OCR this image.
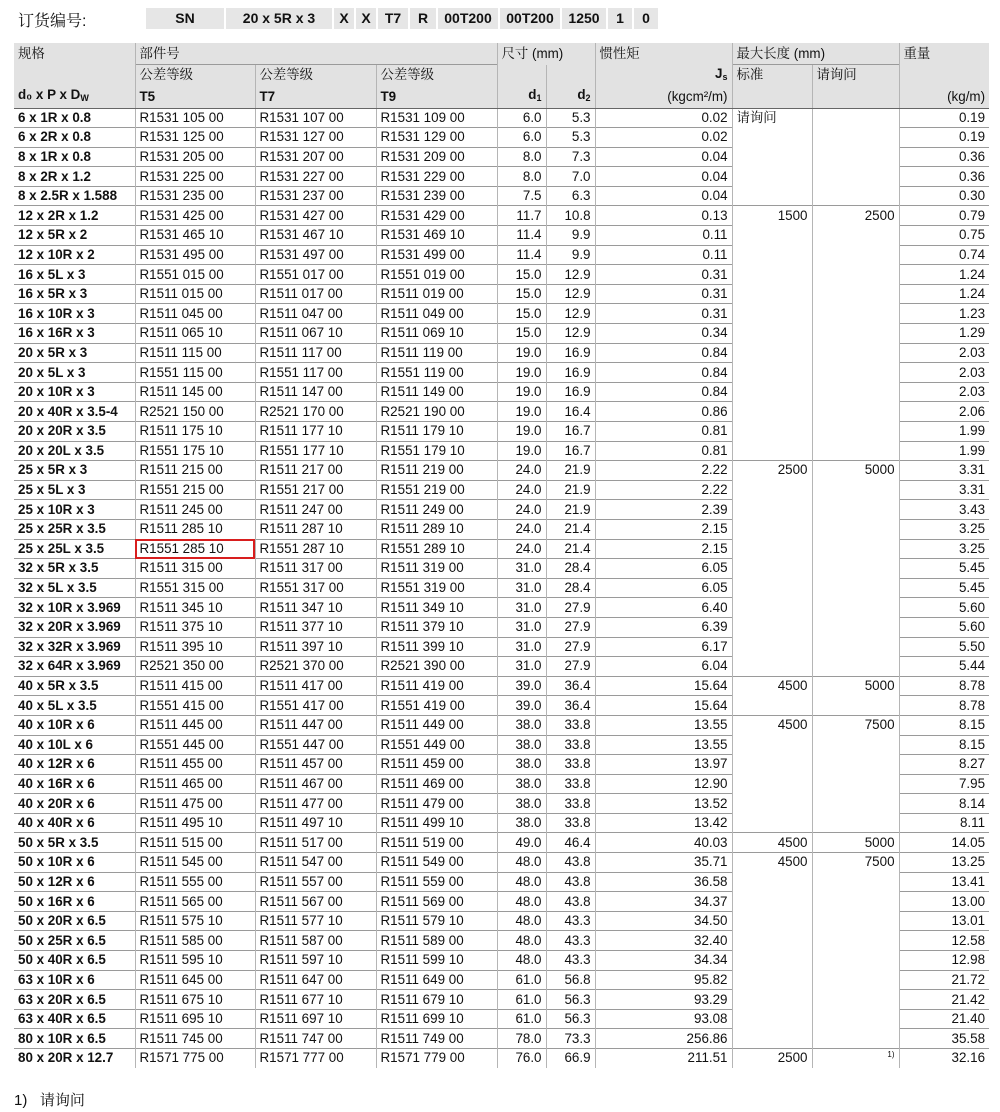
订货编号:	SN	20 x 5R x 3	X X	T7	R	00T200	00T200	1250	1	0
规格	部件号			尺寸 (mm)		惯性矩	最大长度 (mm)		重量
	公差等级	公差等级	公差等级			$J_s$	标准	请询问	
d₀ x P x $D_W$	T5	T7	T9	$d_1$	$d_2$	(kgcm²/m)			(kg/m)
6 x 1R x 0.8	R1531 105 00	R1531 107 00	R1531 109 00	6.0	5.3	0.02	请询问		0.19
6 x 2R x 0.8	R1531 125 00	R1531 127 00	R1531 129 00	6.0	5.3	0.02			0.19
8 x 1R x 0.8	R1531 205 00	R1531 207 00	R1531 209 00	8.0	7.3	0.04			0.36
8 x 2R x 1.2	R1531 225 00	R1531 227 00	R1531 229 00	8.0	7.0	0.04			0.36
8 x 2.5R x 1.588	R1531 235 00	R1531 237 00	R1531 239 00	7.5	6.3	0.04			0.30
12 x 2R x 1.2	R1531 425 00	R1531 427 00	R1531 429 00	11.7	10.8	0.13	1500	2500	0.79
12 x 5R x 2	R1531 465 10	R1531 467 10	R1531 469 10	11.4	9.9	0.11			0.75
12 x 10R x 2	R1531 495 00	R1531 497 00	R1531 499 00	11.4	9.9	0.11			0.74
16 x 5L x 3	R1551 015 00	R1551 017 00	R1551 019 00	15.0	12.9	0.31			1.24
16 x 5R x 3	R1511 015 00	R1511 017 00	R1511 019 00	15.0	12.9	0.31			1.24
16 x 10R x 3	R1511 045 00	R1511 047 00	R1511 049 00	15.0	12.9	0.31			1.23
16 x 16R x 3	R1511 065 10	R1511 067 10	R1511 069 10	15.0	12.9	0.34			1.29
20 x 5R x 3	R1511 115 00	R1511 117 00	R1511 119 00	19.0	16.9	0.84			2.03
20 x 5L x 3	R1551 115 00	R1551 117 00	R1551 119 00	19.0	16.9	0.84			2.03
20 x 10R x 3	R1511 145 00	R1511 147 00	R1511 149 00	19.0	16.9	0.84			2.03
20 x 40R x 3.5-4	R2521 150 00	R2521 170 00	R2521 190 00	19.0	16.4	0.86			2.06
20 x 20R x 3.5	R1511 175 10	R1511 177 10	R1511 179 10	19.0	16.7	0.81			1.99
20 x 20L x 3.5	R1551 175 10	R1551 177 10	R1551 179 10	19.0	16.7	0.81			1.99
25 x 5R x 3	R1511 215 00	R1511 217 00	R1511 219 00	24.0	21.9	2.22	2500	5000	3.31
25 x 5L x 3	R1551 215 00	R1551 217 00	R1551 219 00	24.0	21.9	2.22			3.31
25 x 10R x 3	R1511 245 00	R1511 247 00	R1511 249 00	24.0	21.9	2.39			3.43
25 x 25R x 3.5	R1511 285 10	R1511 287 10	R1511 289 10	24.0	21.4	2.15			3.25
25 x 25L x 3.5	R1551 285 10	R1551 287 10	R1551 289 10	24.0	21.4	2.15			3.25
32 x 5R x 3.5	R1511 315 00	R1511 317 00	R1511 319 00	31.0	28.4	6.05			5.45
32 x 5L x 3.5	R1551 315 00	R1551 317 00	R1551 319 00	31.0	28.4	6.05			5.45
32 x 10R x 3.969	R1511 345 10	R1511 347 10	R1511 349 10	31.0	27.9	6.40			5.60
32 x 20R x 3.969	R1511 375 10	R1511 377 10	R1511 379 10	31.0	27.9	6.39			5.60
32 x 32R x 3.969	R1511 395 10	R1511 397 10	R1511 399 10	31.0	27.9	6.17			5.50
32 x 64R x 3.969	R2521 350 00	R2521 370 00	R2521 390 00	31.0	27.9	6.04			5.44
40 x 5R x 3.5	R1511 415 00	R1511 417 00	R1511 419 00	39.0	36.4	15.64	4500	5000	8.78
40 x 5L x 3.5	R1551 415 00	R1551 417 00	R1551 419 00	39.0	36.4	15.64			8.78
40 x 10R x 6	R1511 445 00	R1511 447 00	R1511 449 00	38.0	33.8	13.55	4500	7500	8.15
40 x 10L x 6	R1551 445 00	R1551 447 00	R1551 449 00	38.0	33.8	13.55			8.15
40 x 12R x 6	R1511 455 00	R1511 457 00	R1511 459 00	38.0	33.8	13.97			8.27
40 x 16R x 6	R1511 465 00	R1511 467 00	R1511 469 00	38.0	33.8	12.90			7.95
40 x 20R x 6	R1511 475 00	R1511 477 00	R1511 479 00	38.0	33.8	13.52			8.14
40 x 40R x 6	R1511 495 10	R1511 497 10	R1511 499 10	38.0	33.8	13.42			8.11
50 x 5R x 3.5	R1511 515 00	R1511 517 00	R1511 519 00	49.0	46.4	40.03	4500	5000	14.05
50 x 10R x 6	R1511 545 00	R1511 547 00	R1511 549 00	48.0	43.8	35.71	4500	7500	13.25
50 x 12R x 6	R1511 555 00	R1511 557 00	R1511 559 00	48.0	43.8	36.58			13.41
50 x 16R x 6	R1511 565 00	R1511 567 00	R1511 569 00	48.0	43.8	34.37			13.00
50 x 20R x 6.5	R1511 575 10	R1511 577 10	R1511 579 10	48.0	43.3	34.50			13.01
50 x 25R x 6.5	R1511 585 00	R1511 587 00	R1511 589 00	48.0	43.3	32.40			12.58
50 x 40R x 6.5	R1511 595 10	R1511 597 10	R1511 599 10	48.0	43.3	34.34			12.98
63 x 10R x 6	R1511 645 00	R1511 647 00	R1511 649 00	61.0	56.8	95.82			21.72
63 x 20R x 6.5	R1511 675 10	R1511 677 10	R1511 679 10	61.0	56.3	93.29			21.42
63 x 40R x 6.5	R1511 695 10	R1511 697 10	R1511 699 10	61.0	56.3	93.08			21.40
80 x 10R x 6.5	R1511 745 00	R1511 747 00	R1511 749 00	78.0	73.3	256.86			35.58
80 x 20R x 12.7	R1571 775 00	R1571 777 00	R1571 779 00	76.0	66.9	211.51	2500	1)	32.16
1) 请询问
